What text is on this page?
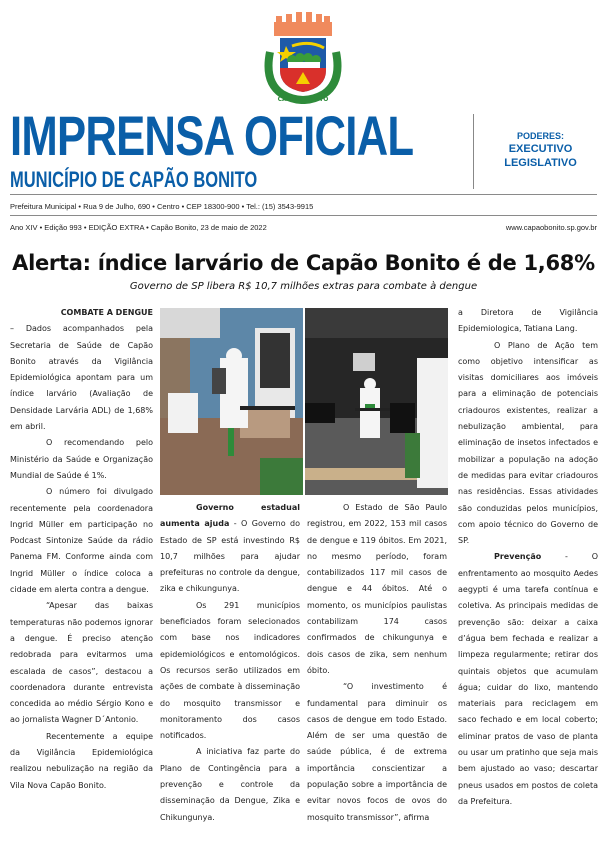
CAPÃO BONITO
IMPRENSA OFICIAL
MUNICÍPIO DE CAPÃO BONITO
PODERES:
EXECUTIVO
LEGISLATIVO
Prefeitura Municipal • Rua 9 de Julho, 690 • Centro • CEP 18300-900 • Tel.: (15) 3543-9915
Ano XIV • Edição 993 • EDIÇÃO EXTRA • Capão Bonito, 23 de maio de 2022	www.capaobonito.sp.gov.br
Alerta: índice larvário de Capão Bonito é de 1,68%
Governo de SP libera R$ 10,7 milhões extras para combate à dengue

COMBATE A DENGUE

– Dados acompanhados pela Secretaria de Saúde de Capão Bonito através da Vigilância Epidemiológica apontam para um índice larvário (Avaliação de Densidade Larvária ADL) de 1,68% em abril.

O recomendando pelo Ministério da Saúde e Organização Mundial de Saúde é 1%.

O número foi divulgado recentemente pela coordenadora Ingrid Müller em participação no Podcast Sintonize Saúde da rádio Panema FM. Conforme ainda com Ingrid Müller o índice coloca a cidade em alerta contra a dengue.

“Apesar das baixas temperaturas não podemos ignorar a dengue. É preciso atenção redobrada para evitarmos uma escalada de casos”, destacou a coordenadora durante entrevista concedida ao médio Sérgio Kono e ao jornalista Wagner D´Antonio.

Recentemente a equipe da Vigilância Epidemiológica realizou nebulização na região da Vila Nova Capão Bonito.

Governo estadual aumenta ajuda - O Governo do Estado de SP está investindo R$ 10,7 milhões para ajudar prefeituras no controle da dengue, zika e chikungunya.

Os 291 municípios beneficiados foram selecionados com base nos indicadores epidemiológicos e entomológicos. Os recursos serão utilizados em ações de combate à disseminação do mosquito transmissor e monitoramento dos casos notificados.

A iniciativa faz parte do Plano de Contingência para a prevenção e controle da disseminação da Dengue, Zika e Chikungunya.

O Estado de São Paulo registrou, em 2022, 153 mil casos de dengue e 119 óbitos. Em 2021, no mesmo período, foram contabilizados 117 mil casos de dengue e 44 óbitos. Até o momento, os municípios paulistas contabilizam 174 casos confirmados de chikungunya e dois casos de zika, sem nenhum óbito.

“O investimento é fundamental para diminuir os casos de dengue em todo Estado. Além de ser uma questão de saúde pública, é de extrema importância conscientizar a população sobre a importância de evitar novos focos de ovos do mosquito transmissor”, afirma

a Diretora de Vigilância Epidemiologica, Tatiana Lang.

O Plano de Ação tem como objetivo intensificar as visitas domiciliares aos imóveis para a eliminação de potenciais criadouros existentes, realizar a nebulização ambiental, para eliminação de insetos infectados e mobilizar a população na adoção de medidas para evitar criadouros nas residências. Essas atividades são conduzidas pelos municípios, com apoio técnico do Governo de SP.

Prevenção - O enfrentamento ao mosquito Aedes aegypti é uma tarefa contínua e coletiva. As principais medidas de prevenção são: deixar a caixa d’água bem fechada e realizar a limpeza regularmente; retirar dos quintais objetos que acumulam água; cuidar do lixo, mantendo materiais para reciclagem em saco fechado e em local coberto; eliminar pratos de vaso de planta ou usar um pratinho que seja mais bem ajustado ao vaso; descartar pneus usados em postos de coleta da Prefeitura.
